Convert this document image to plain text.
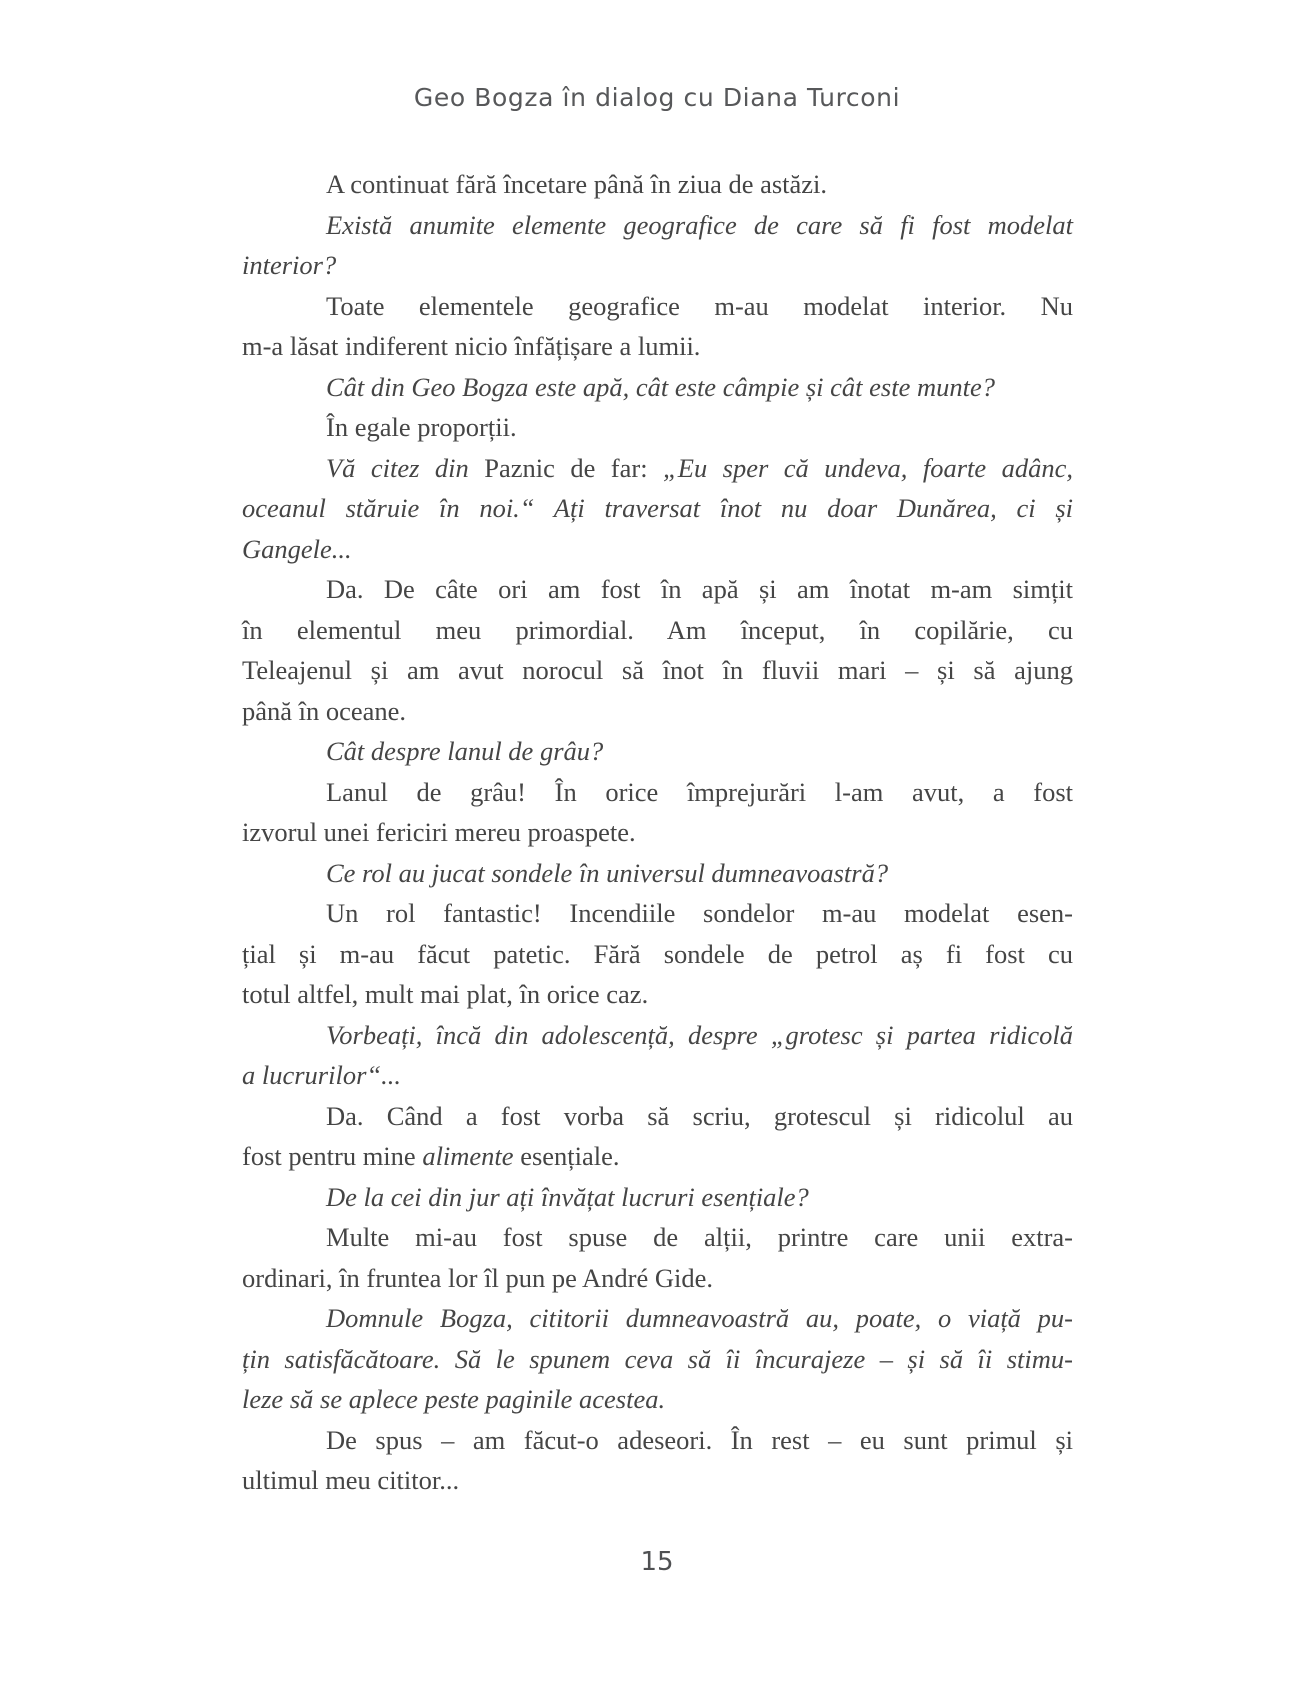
Geo Bogza în dialog cu Diana Turconi
A continuat fără încetare până în ziua de astăzi.
Există anumite elemente geografice de care să fi fost modelat
interior?
Toate elementele geografice m-au modelat interior. Nu
m-a lăsat indiferent nicio înfățișare a lumii.
Cât din Geo Bogza este apă, cât este câmpie și cât este munte?
În egale proporții.
Vă citez din Paznic de far: „Eu sper că undeva, foarte adânc,
oceanul stăruie în noi.“ Ați traversat înot nu doar Dunărea, ci și
Gangele...
Da. De câte ori am fost în apă și am înotat m-am simțit
în elementul meu primordial. Am început, în copilărie, cu
Teleajenul și am avut norocul să înot în fluvii mari – și să ajung
până în oceane.
Cât despre lanul de grâu?
Lanul de grâu! În orice împrejurări l-am avut, a fost
izvorul unei fericiri mereu proaspete.
Ce rol au jucat sondele în universul dumneavoastră?
Un rol fantastic! Incendiile sondelor m-au modelat esen-
țial și m-au făcut patetic. Fără sondele de petrol aș fi fost cu
totul altfel, mult mai plat, în orice caz.
Vorbeați, încă din adolescență, despre „grotesc și partea ridicolă
a lucrurilor“...
Da. Când a fost vorba să scriu, grotescul și ridicolul au
fost pentru mine alimente esențiale.
De la cei din jur ați învățat lucruri esențiale?
Multe mi-au fost spuse de alții, printre care unii extra-
ordinari, în fruntea lor îl pun pe André Gide.
Domnule Bogza, cititorii dumneavoastră au, poate, o viață pu-
țin satisfăcătoare. Să le spunem ceva să îi încurajeze – și să îi stimu-
leze să se aplece peste paginile acestea.
De spus – am făcut-o adeseori. În rest – eu sunt primul și
ultimul meu cititor...
15
